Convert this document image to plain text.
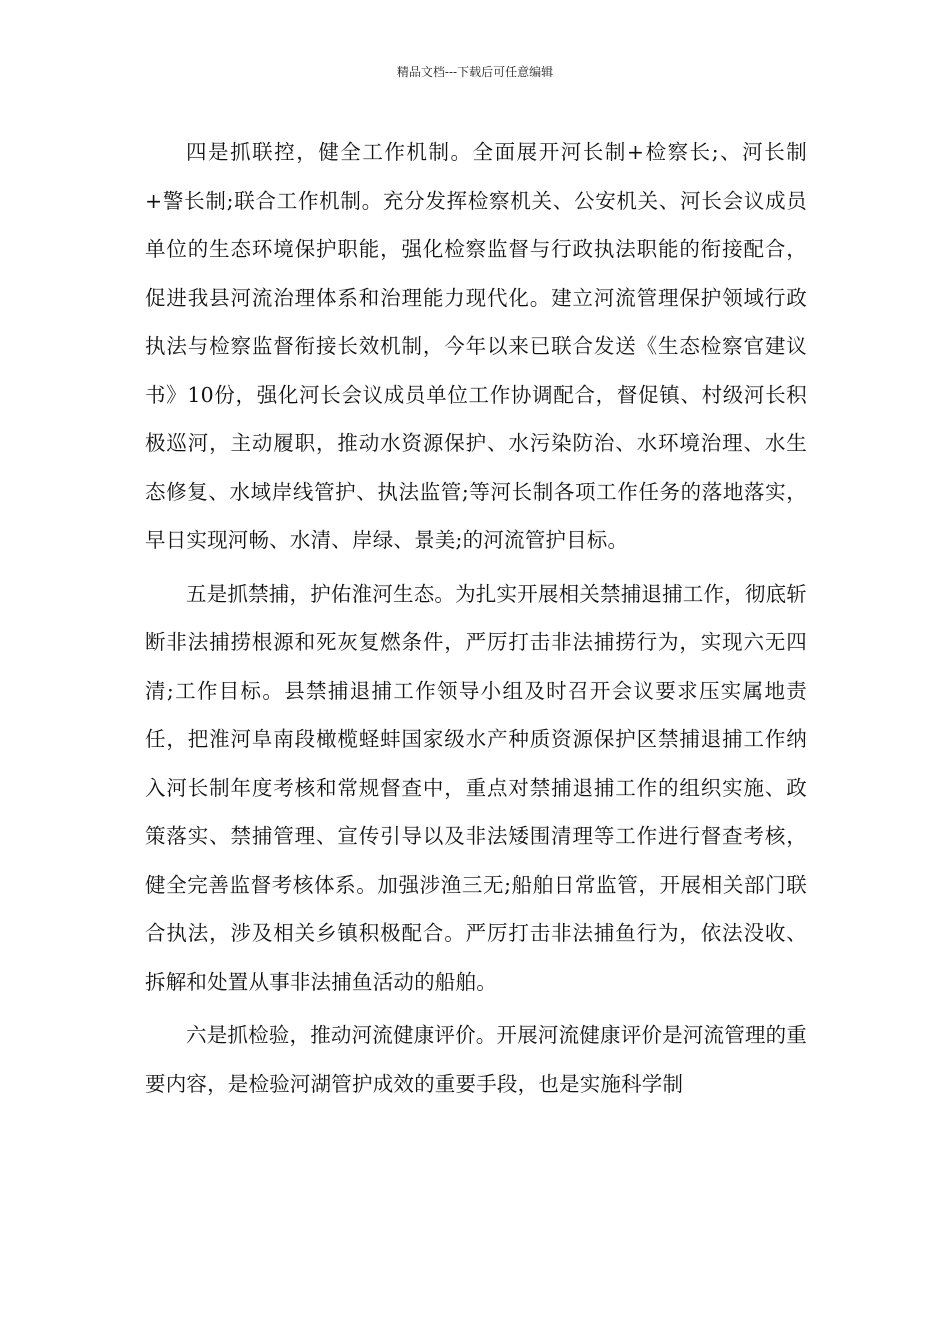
精品文档---下载后可任意编辑

四是抓联控，健全工作机制。全面展开河长制+检察长;、河长制+警长制;联合工作机制。充分发挥检察机关、公安机关、河长会议成员单位的生态环境保护职能，强化检察监督与行政执法职能的衔接配合，促进我县河流治理体系和治理能力现代化。建立河流管理保护领域行政执法与检察监督衔接长效机制，今年以来已联合发送《生态检察官建议书》10份，强化河长会议成员单位工作协调配合，督促镇、村级河长积极巡河，主动履职，推动水资源保护、水污染防治、水环境治理、水生态修复、水域岸线管护、执法监管;等河长制各项工作任务的落地落实，早日实现河畅、水清、岸绿、景美;的河流管护目标。

五是抓禁捕，护佑淮河生态。为扎实开展相关禁捕退捕工作，彻底斩断非法捕捞根源和死灰复燃条件，严厉打击非法捕捞行为，实现六无四清;工作目标。县禁捕退捕工作领导小组及时召开会议要求压实属地责任，把淮河阜南段橄榄蛏蚌国家级水产种质资源保护区禁捕退捕工作纳入河长制年度考核和常规督查中，重点对禁捕退捕工作的组织实施、政策落实、禁捕管理、宣传引导以及非法矮围清理等工作进行督查考核，健全完善监督考核体系。加强涉渔三无;船舶日常监管，开展相关部门联合执法，涉及相关乡镇积极配合。严厉打击非法捕鱼行为，依法没收、拆解和处置从事非法捕鱼活动的船舶。

六是抓检验，推动河流健康评价。开展河流健康评价是河流管理的重要内容，是检验河湖管护成效的重要手段，也是实施科学制
